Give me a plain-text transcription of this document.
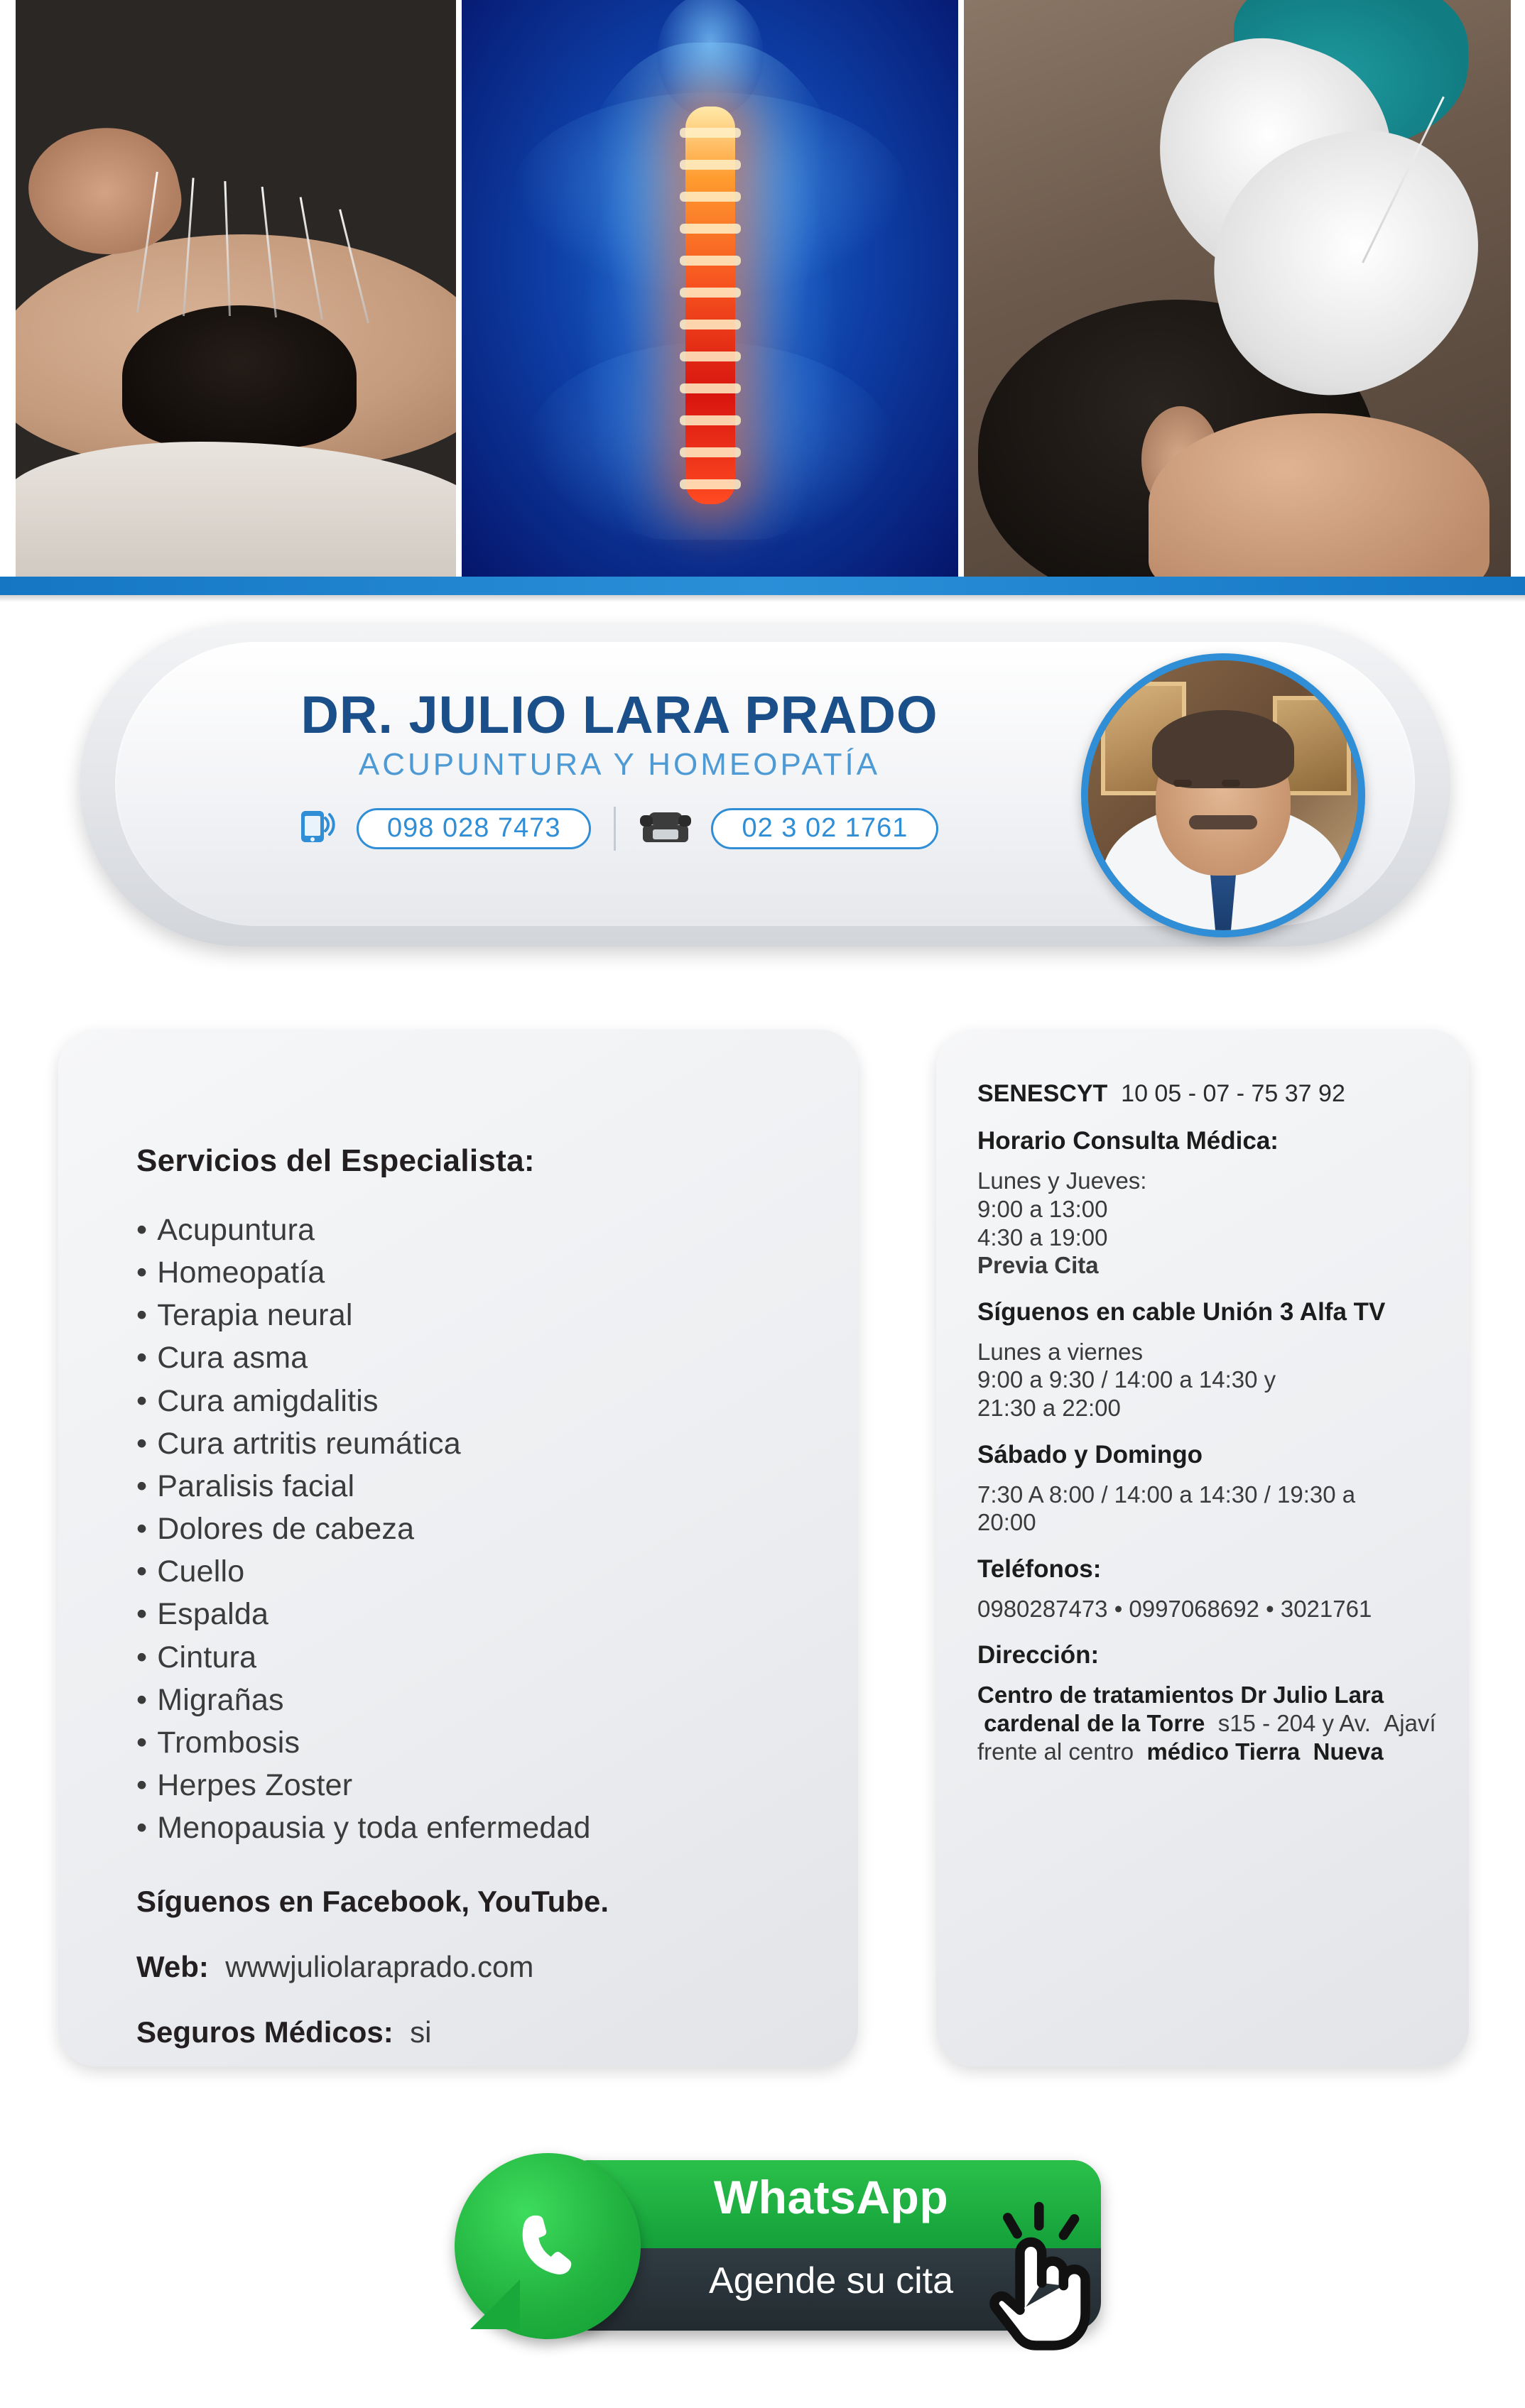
DR. JULIO LARA PRADO
ACUPUNTURA Y HOMEOPATÍA
098 028 7473	02 3 02 1761
Servicios del Especialista:
• Acupuntura
• Homeopatía
• Terapia neural
• Cura asma
• Cura amigdalitis
• Cura artritis reumática
• Paralisis facial
• Dolores de cabeza
• Cuello
• Espalda
• Cintura
• Migrañas
• Trombosis
• Herpes Zoster
• Menopausia y toda enfermedad
Síguenos en Facebook, YouTube.
Web: wwwjuliolaraprado.com
Seguros Médicos: si
SENESCYT 10 05 - 07 - 75 37 92
Horario Consulta Médica:
Lunes y Jueves:
9:00 a 13:00
4:30 a 19:00
Previa Cita
Síguenos en cable Unión 3 Alfa TV
Lunes a viernes
9:00 a 9:30 / 14:00 a 14:30 y
21:30 a 22:00
Sábado y Domingo
7:30 A 8:00 / 14:00 a 14:30 / 19:30 a
20:00
Teléfonos:
0980287473 • 0997068692 • 3021761
Dirección:
Centro de tratamientos Dr Julio Lara  cardenal de la Torre s15 - 204 y Av. Ajaví frente al centro médico Tierra Nueva
WhatsApp
Agende su cita
